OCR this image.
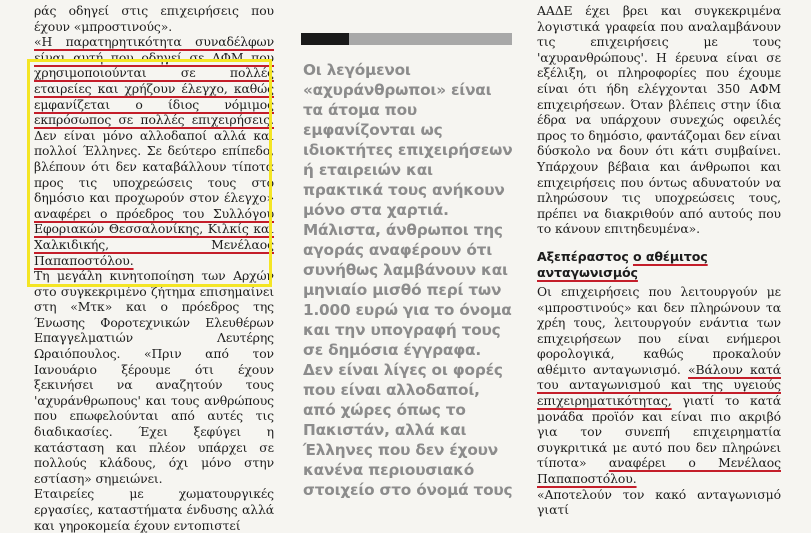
ράς οδηγεί στις επιχειρήσεις που έχουν «μπροστινούς».

«Η παρατηρητικότητα συναδέλφων είναι αυτή που οδηγεί σε ΑΦΜ που χρησιμοποιούνται σε πολλές εταιρείες και χρήζουν έλεγχο, καθώς εμφανίζεται ο ίδιος νόμιμος εκπρόσωπος σε πολλές επιχειρήσεις. Δεν είναι μόνο αλλοδαποί αλλά και πολλοί Έλληνες. Σε δεύτερο επίπεδο, βλέπουν ότι δεν καταβάλλουν τίποτα προς τις υποχρεώσεις τους στο δημόσιο και προχωρούν στον έλεγχο» αναφέρει ο πρόεδρος του Συλλόγου Εφοριακών Θεσσαλονίκης, Κιλκίς και Χαλκιδικής, Μενέλαος Παπαποστόλου.

Τη μεγάλη κινητοποίηση των Αρχών στο συγκεκριμένο ζήτημα επισημαίνει στη «Μτκ» και ο πρόεδρος της Ένωσης Φοροτεχνικών Ελευθέρων Επαγγελματιών Λευτέρης Ωραιόπουλος. «Πριν από τον Ιανουάριο ξέρουμε ότι έχουν ξεκινήσει να αναζητούν τους 'αχυράνθρωπους' και τους ανθρώπους που επωφελούνται από αυτές τις διαδικασίες. Έχει ξεφύγει η κατάσταση και πλέον υπάρχει σε πολλούς κλάδους, όχι μόνο στην εστίαση» σημειώνει.

Εταιρείες με χωματουργικές εργασίες, καταστήματα ένδυσης αλλά και γηροκομεία έχουν εντοπιστεί

Οι λεγόμενοι «αχυράνθρωποι» είναι τα άτομα που εμφανίζονται ως ιδιοκτήτες επιχειρήσεων ή εταιρειών και πρακτικά τους ανήκουν μόνο στα χαρτιά. Μάλιστα, άνθρωποι της αγοράς αναφέρουν ότι συνήθως λαμβάνουν και μηνιαίο μισθό περί των 1.000 ευρώ για το όνομα και την υπογραφή τους σε δημόσια έγγραφα. Δεν είναι λίγες οι φορές που είναι αλλοδαποί, από χώρες όπως το Πακιστάν, αλλά και Έλληνες που δεν έχουν κανένα περιουσιακό στοιχείο στο όνομά τους

ΑΑΔΕ έχει βρει και συγκεκριμένα λογιστικά γραφεία που αναλαμβάνουν τις επιχειρήσεις με τους 'αχυρανθρώπους'. Η έρευνα είναι σε εξέλιξη, οι πληροφορίες που έχουμε είναι ότι ήδη ελέγχονται 350 ΑΦΜ επιχειρήσεων. Όταν βλέπεις στην ίδια έδρα να υπάρχουν συνεχώς οφειλές προς το δημόσιο, φαντάζομαι δεν είναι δύσκολο να δουν ότι κάτι συμβαίνει. Υπάρχουν βέβαια και άνθρωποι και επιχειρήσεις που όντως αδυνατούν να πληρώσουν τις υποχρεώσεις τους, πρέπει να διακριθούν από αυτούς που το κάνουν επιτηδευμένα».

Αξεπέραστος ο αθέμιτος ανταγωνισμός

Οι επιχειρήσεις που λειτουργούν με «μπροστινούς» και δεν πληρώνουν τα χρέη τους, λειτουργούν ενάντια των επιχειρήσεων που είναι ενήμεροι φορολογικά, καθώς προκαλούν αθέμιτο ανταγωνισμό. «Βάλουν κατά του ανταγωνισμού και της υγειούς επιχειρηματικότητας, γιατί το κατά μονάδα προϊόν και είναι πιο ακριβό για τον συνεπή επιχειρηματία συγκριτικά με αυτό που δεν πληρώνει τίποτα» αναφέρει ο Μενέλαος Παπαποστόλου.

«Αποτελούν τον κακό ανταγωνισμό γιατί
